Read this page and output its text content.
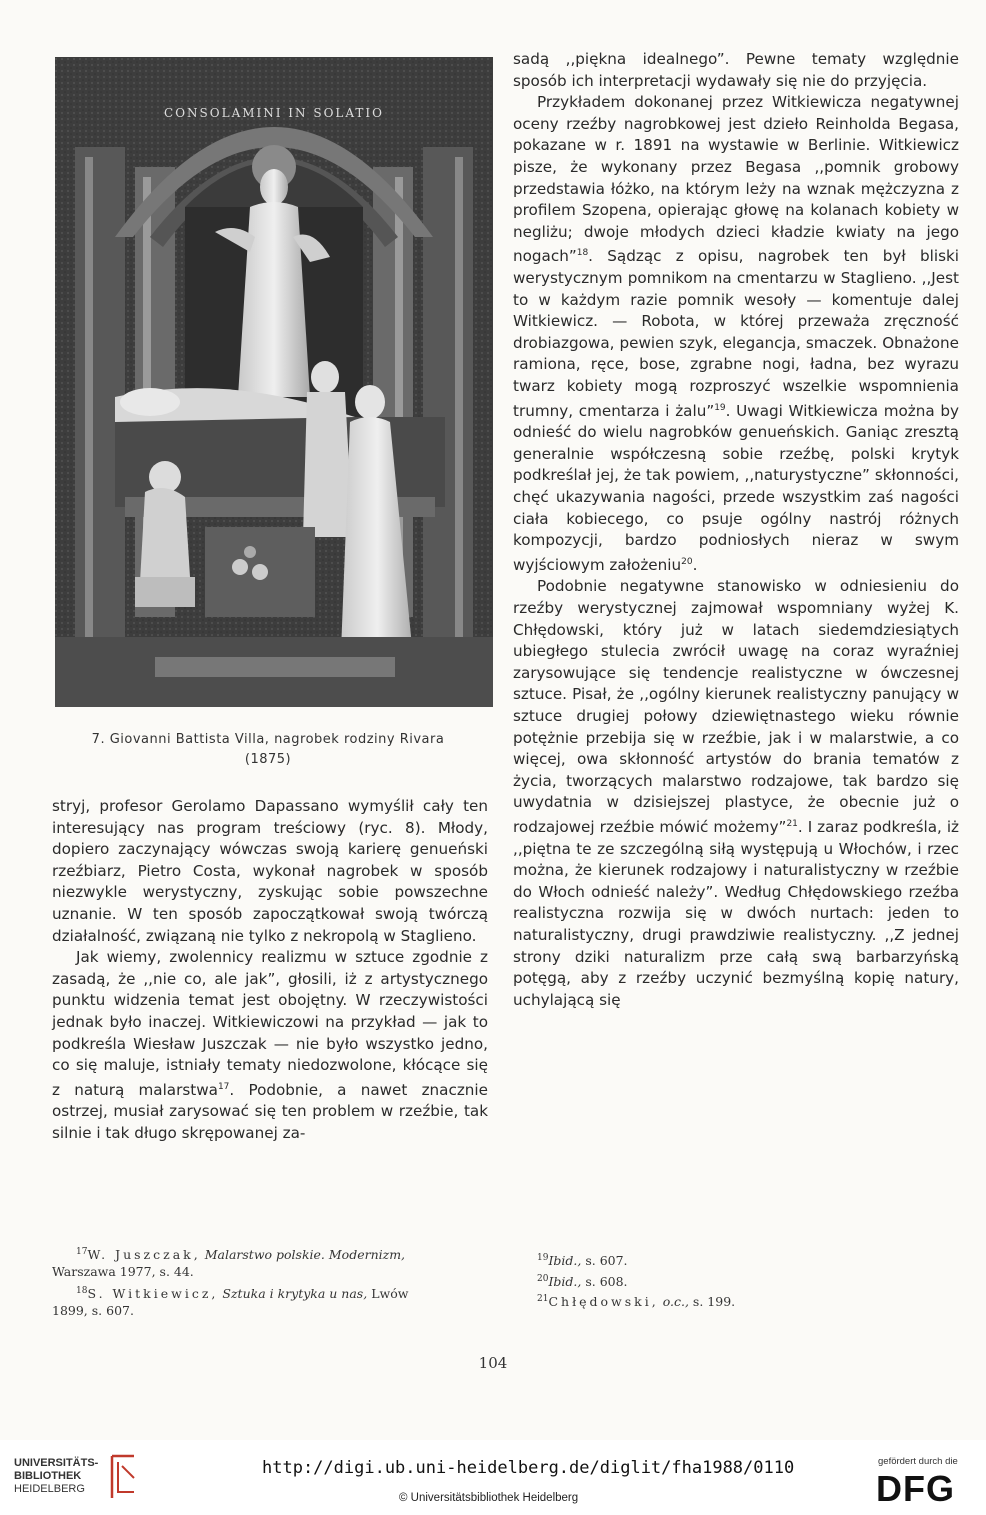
CONSOLAMINI IN SOLATIO
7. Giovanni Battista Villa, nagrobek rodziny Rivara
(1875)

stryj, profesor Gerolamo Dapassano wymyślił cały ten interesujący nas program treściowy (ryc. 8). Młody, dopiero zaczynający wówczas swoją karierę genueński rzeźbiarz, Pietro Costa, wykonał nagrobek w sposób niezwykle werystyczny, zyskując sobie powszechne uznanie. W ten sposób zapoczątkował swoją twórczą działalność, związaną nie tylko z nekropolą w Staglieno.

Jak wiemy, zwolennicy realizmu w sztuce zgodnie z zasadą, że ,,nie co, ale jak”, głosili, iż z artystycznego punktu widzenia temat jest obojętny. W rzeczywistości jednak było inaczej. Witkiewiczowi na przykład — jak to podkreśla Wiesław Juszczak — nie było wszystko jedno, co się maluje, istniały tematy niedozwolone, kłócące się z naturą malarstwa$^{17}$. Podobnie, a nawet znacznie ostrzej, musiał zarysować się ten problem w rzeźbie, tak silnie i tak długo skrępowanej za-

sadą ,,piękna idealnego”. Pewne tematy względnie sposób ich interpretacji wydawały się nie do przyjęcia.

Przykładem dokonanej przez Witkiewicza negatywnej oceny rzeźby nagrobkowej jest dzieło Reinholda Begasa, pokazane w r. 1891 na wystawie w Berlinie. Witkiewicz pisze, że wykonany przez Begasa ,,pomnik grobowy przedstawia łóżko, na którym leży na wznak mężczyzna z profilem Szopena, opierając głowę na kolanach kobiety w negliżu; dwoje młodych dzieci kładzie kwiaty na jego nogach”$^{18}$. Sądząc z opisu, nagrobek ten był bliski werystycznym pomnikom na cmentarzu w Staglieno. ,,Jest to w każdym razie pomnik wesoły — komentuje dalej Witkiewicz. — Robota, w której przeważa zręczność drobiazgowa, pewien szyk, elegancja, smaczek. Obnażone ramiona, ręce, bose, zgrabne nogi, ładna, bez wyrazu twarz kobiety mogą rozproszyć wszelkie wspomnienia trumny, cmentarza i żalu”$^{19}$. Uwagi Witkiewicza można by odnieść do wielu nagrobków genueńskich. Ganiąc zresztą generalnie współczesną sobie rzeźbę, polski krytyk podkreślał jej, że tak powiem, ,,naturystyczne” skłonności, chęć ukazywania nagości, przede wszystkim zaś nagości ciała kobiecego, co psuje ogólny nastrój różnych kompozycji, bardzo podniosłych nieraz w swym wyjściowym założeniu$^{20}$.

Podobnie negatywne stanowisko w odniesieniu do rzeźby werystycznej zajmował wspomniany wyżej K. Chłędowski, który już w latach siedemdziesiątych ubiegłego stulecia zwrócił uwagę na coraz wyraźniej zarysowujące się tendencje realistyczne w ówczesnej sztuce. Pisał, że ,,ogólny kierunek realistyczny panujący w sztuce drugiej połowy dziewiętnastego wieku równie potężnie przebija się w rzeźbie, jak i w malarstwie, a co więcej, owa skłonność artystów do brania tematów z życia, tworzących malarstwo rodzajowe, tak bardzo się uwydatnia w dzisiejszej plastyce, że obecnie już o rodzajowej rzeźbie mówić możemy”$^{21}$. I zaraz podkreśla, iż ,,piętna te ze szczególną siłą występują u Włochów, i rzec można, że kierunek rodzajowy i naturalistyczny w rzeźbie do Włoch odnieść należy”. Według Chłędowskiego rzeźba realistyczna rozwija się w dwóch nurtach: jeden to naturalistyczny, drugi prawdziwie realistyczny. ,,Z jednej strony dziki naturalizm prze całą swą barbarzyńską potęgą, aby z rzeźby uczynić bezmyślną kopię natury, uchylającą się

$^{17}$W. Juszczak, Malarstwo polskie. Modernizm,
Warszawa 1977, s. 44.
$^{18}$S. Witkiewicz, Sztuka i krytyka u nas, Lwów
1899, s. 607.
$^{19}$Ibid., s. 607.
$^{20}$Ibid., s. 608.
$^{21}$Chłędowski, o.c., s. 199.
104
UNIVERSITÄTS-
BIBLIOTHEK
HEIDELBERG
http://digi.ub.uni-heidelberg.de/diglit/fha1988/0110
© Universitätsbibliothek Heidelberg
gefördert durch die
DFG
